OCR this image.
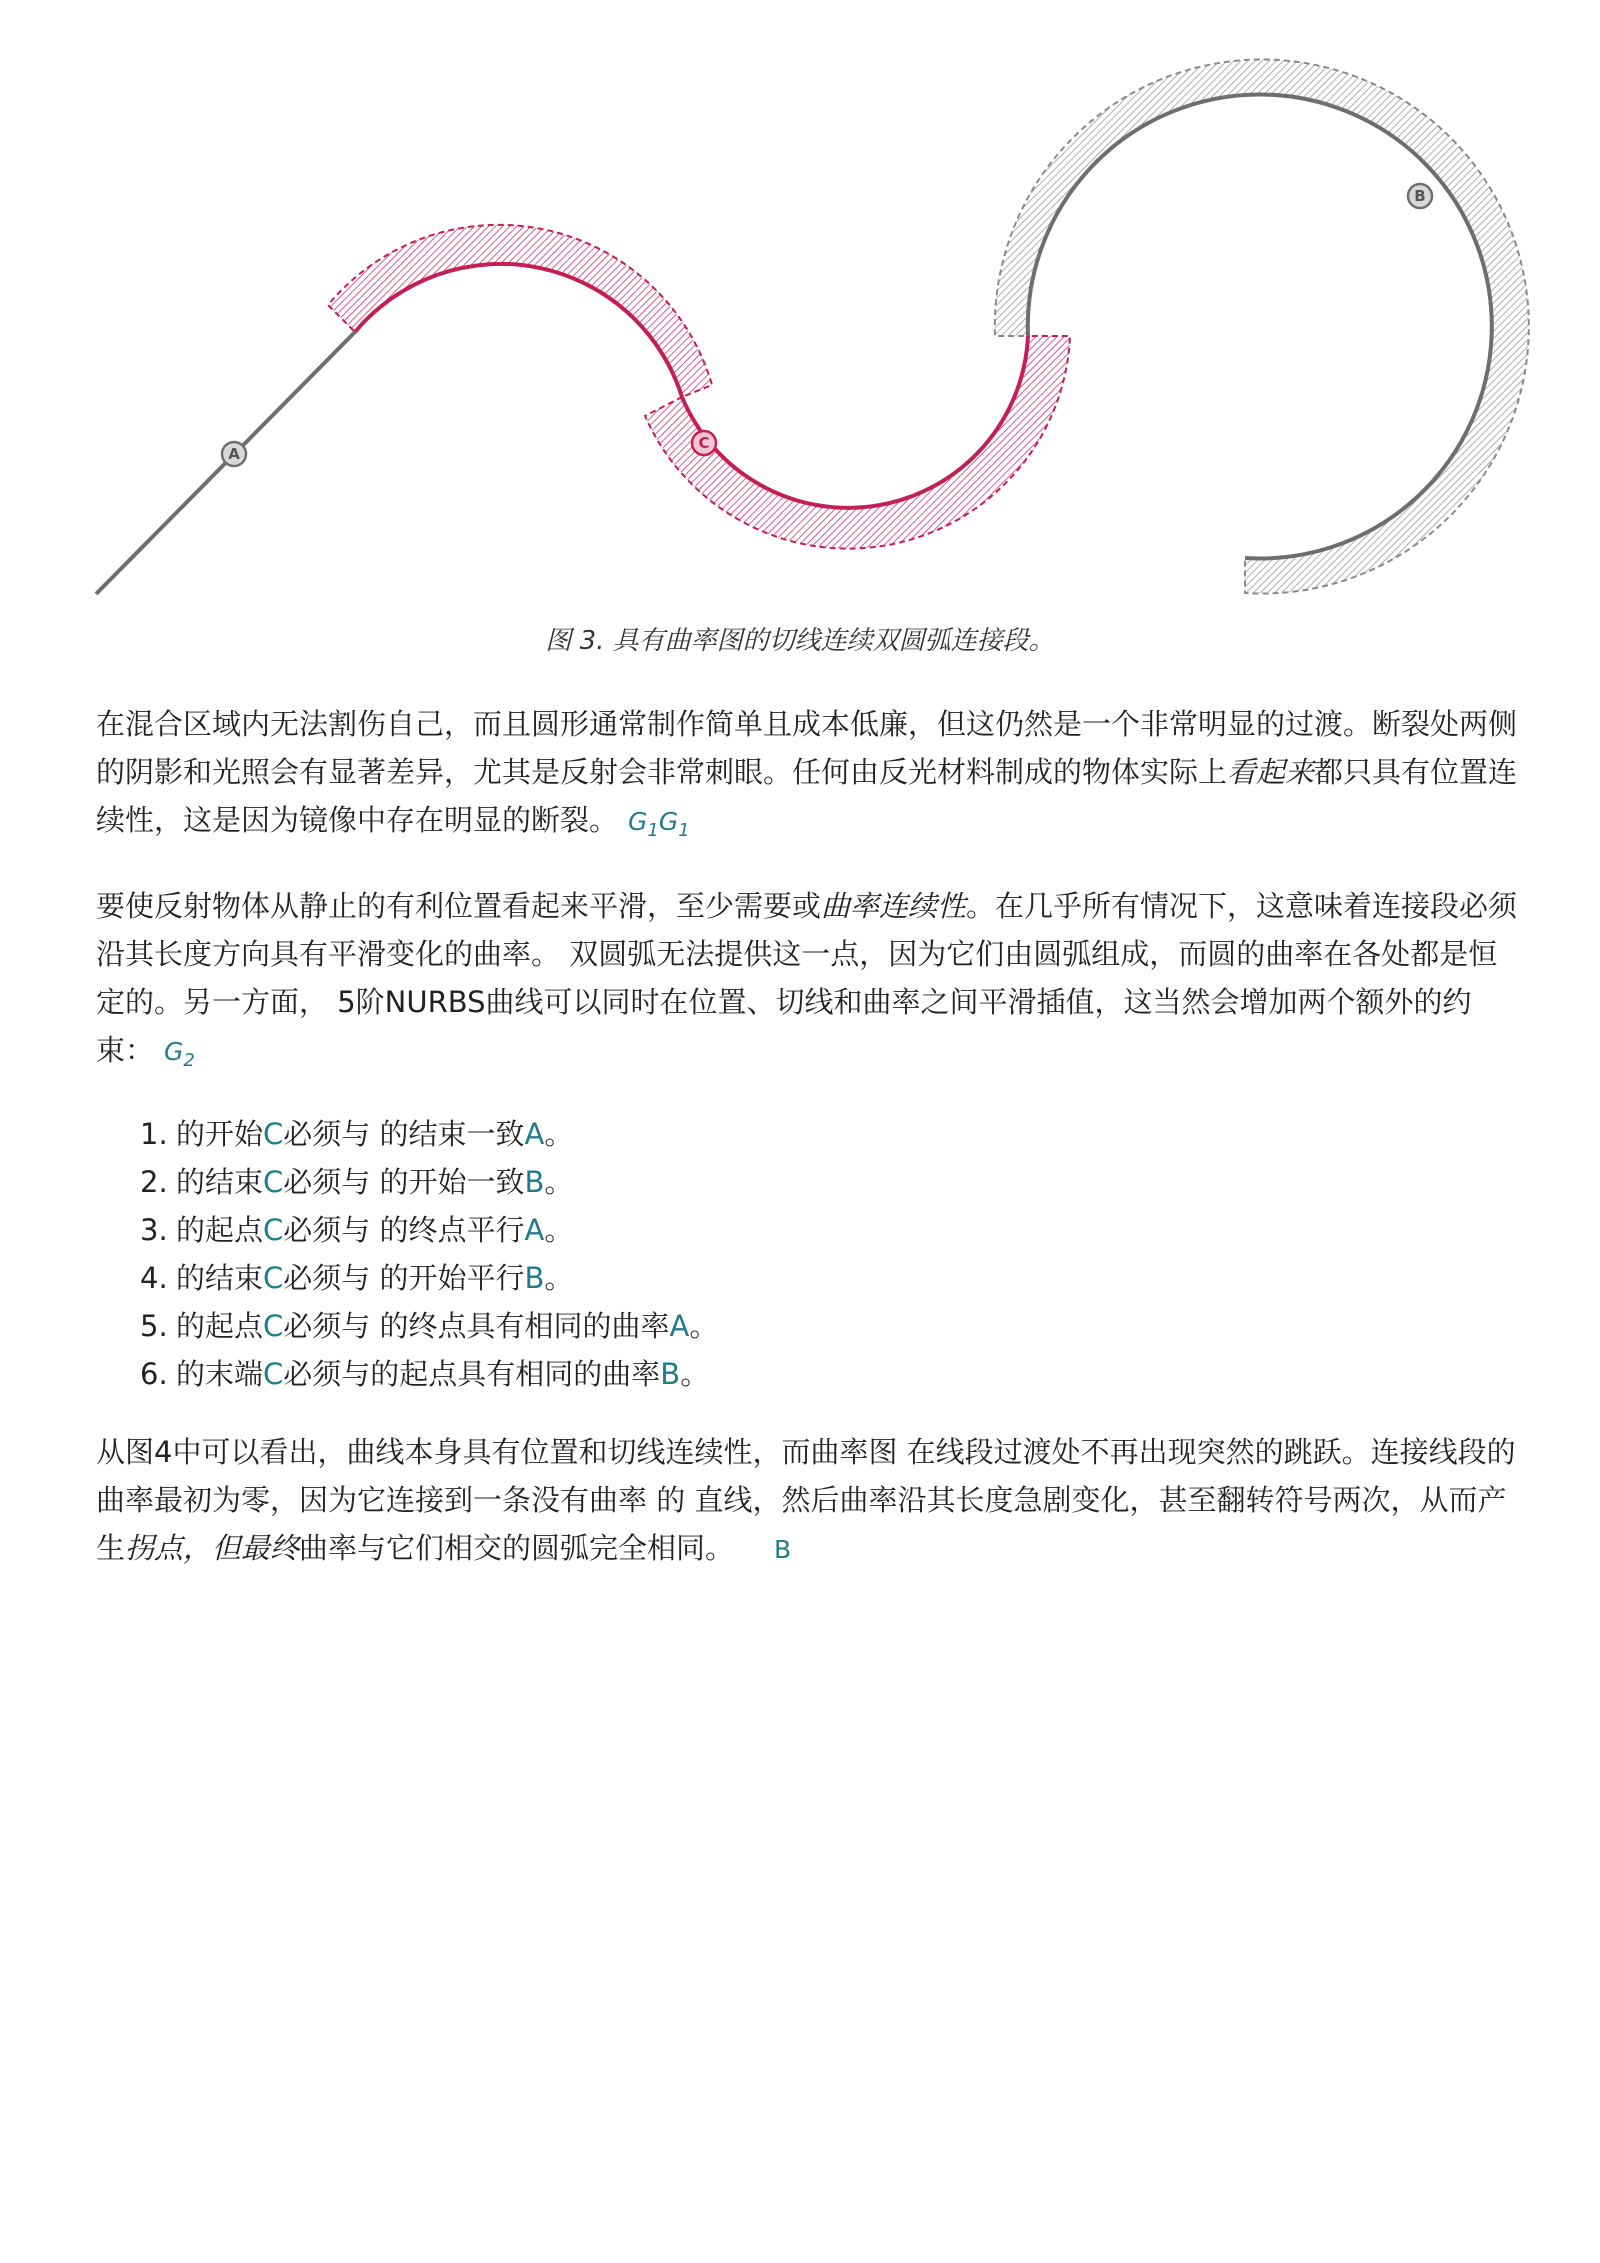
A
C
B
图 3. 具有曲率图的切线连续双圆弧连接段。

在混合区域内无法割伤自己，而且圆形通常制作简单且成本低廉，但这仍然是一个非常明显的过渡。断裂处两侧的阴影和光照会有显著差异，尤其是反射会非常刺眼。任何由反光材料制成的物体实际上看起来都只具有位置连续性，这是因为镜像中存在明显的断裂。 $G_1G_1$

要使反射物体从静止的有利位置看起来平滑，至少需要或曲率连续性。在几乎所有情况下，这意味着连接段必须沿其长度方向具有平滑变化的曲率。 双圆弧无法提供这一点，因为它们由圆弧组成，而圆的曲率在各处都是恒定的。另一方面， 5阶NURBS曲线可以同时在位置、切线和曲率之间平滑插值，这当然会增加两个额外的约束： $G_2$

1. 的开始C必须与 的结束一致A。
2. 的结束C必须与 的开始一致B。
3. 的起点C必须与 的终点平行A。
4. 的结束C必须与 的开始平行B。
5. 的起点C必须与 的终点具有相同的曲率A。
6. 的末端C必须与的起点具有相同的曲率B。

从图4中可以看出，曲线本身具有位置和切线连续性，而曲率图 在线段过渡处不再出现突然的跳跃。连接线段的 曲率最初为零，因为它连接到一条没有曲率 的 直线，然后曲率沿其长度急剧变化，甚至翻转符号两次，从而产生拐点，但最终曲率与它们相交的圆弧完全相同。 B
